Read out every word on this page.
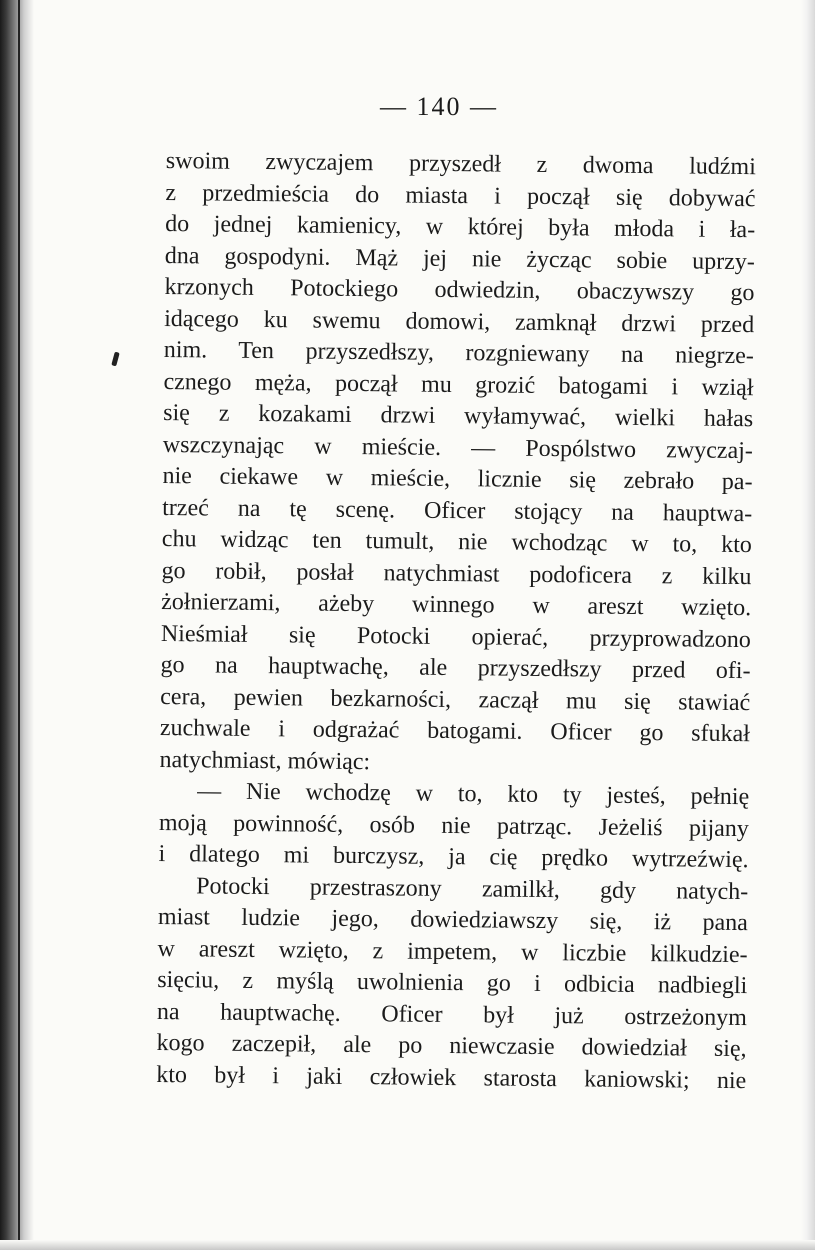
— 140 —
swoim zwyczajem przyszedł z dwoma ludźmi
z przedmieścia do miasta i począł się dobywać
do jednej kamienicy, w której była młoda i ła-
dna gospodyni. Mąż jej nie życząc sobie uprzy-
krzonych Potockiego odwiedzin, obaczywszy go
idącego ku swemu domowi, zamknął drzwi przed
nim. Ten przyszedłszy, rozgniewany na niegrze-
cznego męża, począł mu grozić batogami i wziął
się z kozakami drzwi wyłamywać, wielki hałas
wszczynając w mieście. — Pospólstwo zwyczaj-
nie ciekawe w mieście, licznie się zebrało pa-
trzeć na tę scenę. Oficer stojący na hauptwa-
chu widząc ten tumult, nie wchodząc w to, kto
go robił, posłał natychmiast podoficera z kilku
żołnierzami, ażeby winnego w areszt wzięto.
Nieśmiał się Potocki opierać, przyprowadzono
go na hauptwachę, ale przyszedłszy przed ofi-
cera, pewien bezkarności, zaczął mu się stawiać
zuchwale i odgrażać batogami. Oficer go sfukał
natychmiast, mówiąc:
— Nie wchodzę w to, kto ty jesteś, pełnię
moją powinność, osób nie patrząc. Jeżeliś pijany
i dlatego mi burczysz, ja cię prędko wytrzeźwię.
Potocki przestraszony zamilkł, gdy natych-
miast ludzie jego, dowiedziawszy się, iż pana
w areszt wzięto, z impetem, w liczbie kilkudzie-
sięciu, z myślą uwolnienia go i odbicia nadbiegli
na hauptwachę. Oficer był już ostrzeżonym
kogo zaczepił, ale po niewczasie dowiedział się,
kto był i jaki człowiek starosta kaniowski; nie
